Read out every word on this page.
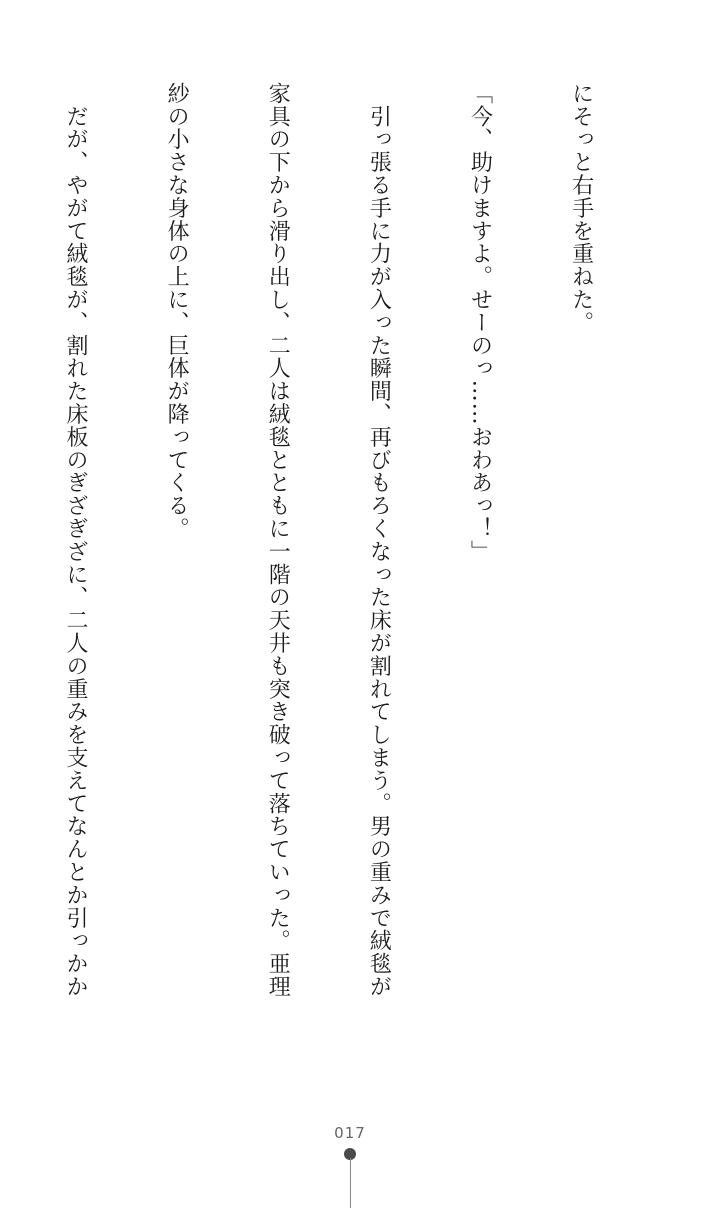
にそっと右手を重ねた。

「今、助けますよ。せーのっ……おわあっ！」

　引っ張る手に力が入った瞬間、再びもろくなった床が割れてしまう。男の重みで絨毯が

家具の下から滑り出し、二人は絨毯とともに一階の天井も突き破って落ちていった。亜理

紗の小さな身体の上に、巨体が降ってくる。

　だが、やがて絨毯が、割れた床板のぎざぎざに、二人の重みを支えてなんとか引っかか

017
